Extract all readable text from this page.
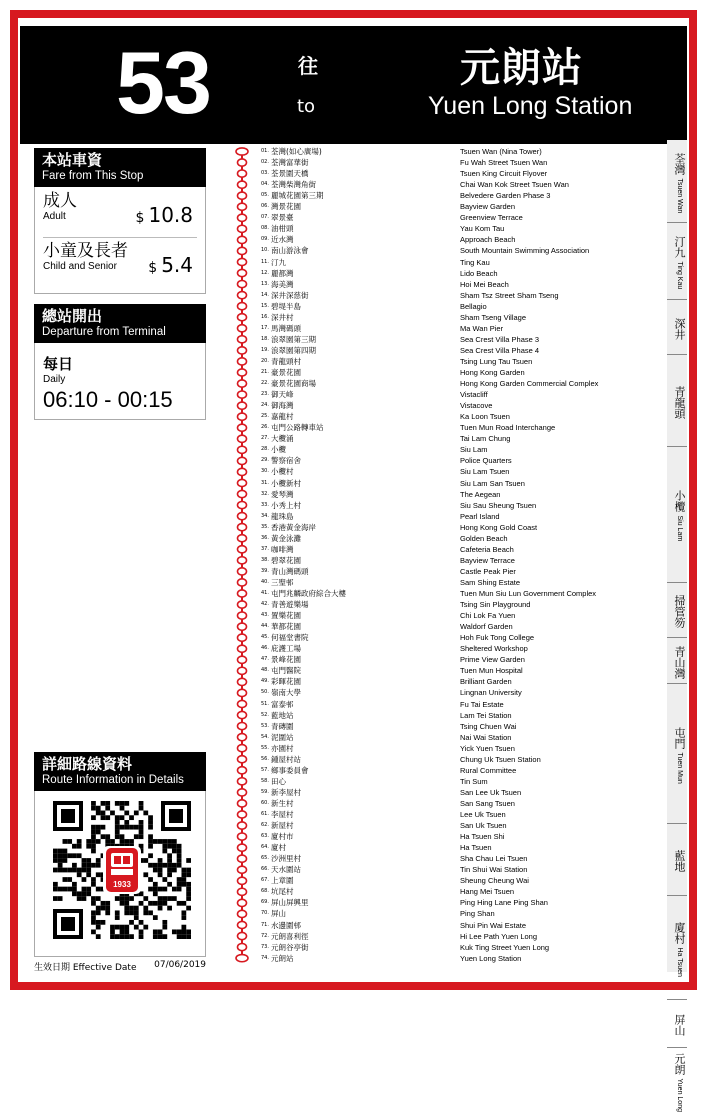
53	往
to
元朗站
Yuen Long Station
本站車資
Fare from This Stop
成人
Adult	$ 10.8
小童及長者
Child and Senior	$ 5.4
總站開出
Departure from Terminal
每日
Daily
06:10 - 00:15
詳細路線資料
Route Information in Details
1933
生效日期 Effective Date 07/06/2019
01. 荃灣(如心廣場)	Tsuen Wan (Nina Tower)
02. 荃灣富華街	Fu Wah Street Tsuen Wan
03. 荃景圍天橋	Tsuen King Circuit Flyover
04. 荃灣柴灣角街	Chai Wan Kok Street Tsuen Wan
05. 麗城花園第三期	Belvedere Garden Phase 3
06. 灣景花園	Bayview Garden
07. 翠景臺	Greenview Terrace
08. 油柑頭	Yau Kom Tau
09. 近水灣	Approach Beach
10. 南山游泳會	South Mountain Swimming Association
11. 汀九	Ting Kau
12. 麗都灣	Lido Beach
13. 海美灣	Hoi Mei Beach
14. 深井深慈街	Sham Tsz Street Sham Tseng
15. 碧堤半島	Bellagio
16. 深井村	Sham Tseng Village
17. 馬灣碼頭	Ma Wan Pier
18. 浪翠園第三期	Sea Crest Villa Phase 3
19. 浪翠園第四期	Sea Crest Villa Phase 4
20. 青龍頭村	Tsing Lung Tau Tsuen
21. 豪景花園	Hong Kong Garden
22. 豪景花園商場	Hong Kong Garden Commercial Complex
23. 御天峰	Vistacliff
24. 御海灣	Vistacove
25. 嘉龍村	Ka Loon Tsuen
26. 屯門公路轉車站	Tuen Mun Road Interchange
27. 大欖涌	Tai Lam Chung
28. 小欖	Siu Lam
29. 警察宿舍	Police Quarters
30. 小欖村	Siu Lam Tsuen
31. 小欖新村	Siu Lam San Tsuen
32. 愛琴灣	The Aegean
33. 小秀上村	Siu Sau Sheung Tsuen
34. 龍珠島	Pearl Island
35. 香港黃金海岸	Hong Kong Gold Coast
36. 黃金泳灘	Golden Beach
37. 咖啡灣	Cafeteria Beach
38. 碧翠花園	Bayview Terrace
39. 青山灣碼頭	Castle Peak Pier
40. 三聖邨	Sam Shing Estate
41. 屯門兆麟政府綜合大樓	Tuen Mun Siu Lun Government Complex
42. 青善遊樂場	Tsing Sin Playground
43. 置樂花園	Chi Lok Fa Yuen
44. 華都花園	Waldorf Garden
45. 何福堂書院	Hoh Fuk Tong College
46. 庇護工場	Sheltered Workshop
47. 景峰花園	Prime View Garden
48. 屯門醫院	Tuen Mun Hospital
49. 彩暉花園	Brilliant Garden
50. 嶺南大學	Lingnan University
51. 富泰邨	Fu Tai Estate
52. 藍地站	Lam Tei Station
53. 青磚圍	Tsing Chuen Wai
54. 泥圍站	Nai Wai Station
55. 亦園村	Yick Yuen Tsuen
56. 鍾屋村站	Chung Uk Tsuen Station
57. 鄉事委員會	Rural Committee
58. 田心	Tin Sum
59. 新李屋村	San Lee Uk Tsuen
60. 新生村	San Sang Tsuen
61. 李屋村	Lee Uk Tsuen
62. 新屋村	San Uk Tsuen
63. 廈村市	Ha Tsuen Shi
64. 廈村	Ha Tsuen
65. 沙洲里村	Sha Chau Lei Tsuen
66. 天水圍站	Tin Shui Wai Station
67. 上章圍	Sheung Cheung Wai
68. 坑尾村	Hang Mei Tsuen
69. 屏山屏興里	Ping Hing Lane Ping Shan
70. 屏山	Ping Shan
71. 水邊圍邨	Shui Pin Wai Estate
72. 元朗喜利徑	Hi Lee Path Yuen Long
73. 元朗谷亭街	Kuk Ting Street Yuen Long
74. 元朗站	Yuen Long Station
荃灣 Tsuen Wan
汀九 Ting Kau
深井
青龍頭
小欖 Siu Lam
掃管笏
青山灣
屯門 Tuen Mun
藍地
廈村 Ha Tsuen
屏山
元朗 Yuen Long
